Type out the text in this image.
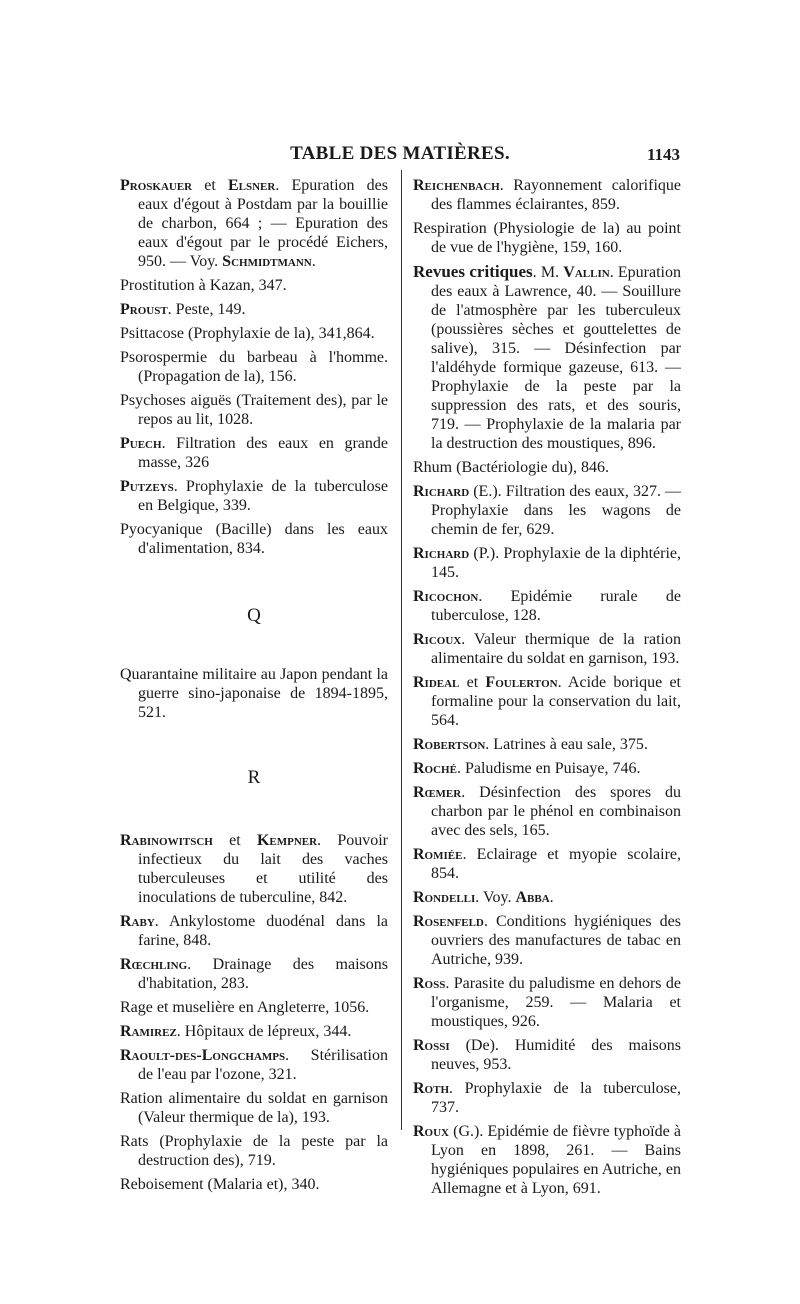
TABLE DES MATIÈRES.	1143

Proskauer et Elsner. Epuration des eaux d'égout à Postdam par la bouillie de charbon, 664 ; — Epuration des eaux d'égout par le procédé Eichers, 950. — Voy. Schmidtmann.

Prostitution à Kazan, 347.

Proust. Peste, 149.

Psittacose (Prophylaxie de la), 341,864.

Psorospermie du barbeau à l'homme. (Propagation de la), 156.

Psychoses aiguës (Traitement des), par le repos au lit, 1028.

Puech. Filtration des eaux en grande masse, 326

Putzeys. Prophylaxie de la tuberculose en Belgique, 339.

Pyocyanique (Bacille) dans les eaux d'alimentation, 834.

Q

Quarantaine militaire au Japon pendant la guerre sino-japonaise de 1894-1895, 521.

R

Rabinowitsch et Kempner. Pouvoir infectieux du lait des vaches tuberculeuses et utilité des inoculations de tuberculine, 842.

Raby. Ankylostome duodénal dans la farine, 848.

Rœchling. Drainage des maisons d'habitation, 283.

Rage et muselière en Angleterre, 1056.

Ramirez. Hôpitaux de lépreux, 344.

Raoult-des-Longchamps. Stérilisation de l'eau par l'ozone, 321.

Ration alimentaire du soldat en garnison (Valeur thermique de la), 193.

Rats (Prophylaxie de la peste par la destruction des), 719.

Reboisement (Malaria et), 340.

Reichenbach. Rayonnement calorifique des flammes éclairantes, 859.

Respiration (Physiologie de la) au point de vue de l'hygiène, 159, 160.

Revues critiques. M. Vallin. Epuration des eaux à Lawrence, 40. — Souillure de l'atmosphère par les tuberculeux (poussières sèches et gouttelettes de salive), 315. — Désinfection par l'aldéhyde formique gazeuse, 613. — Prophylaxie de la peste par la suppression des rats, et des souris, 719. — Prophylaxie de la malaria par la destruction des moustiques, 896.

Rhum (Bactériologie du), 846.

Richard (E.). Filtration des eaux, 327. — Prophylaxie dans les wagons de chemin de fer, 629.

Richard (P.). Prophylaxie de la diphtérie, 145.

Ricochon. Epidémie rurale de tuberculose, 128.

Ricoux. Valeur thermique de la ration alimentaire du soldat en garnison, 193.

Rideal et Foulerton. Acide borique et formaline pour la conservation du lait, 564.

Robertson. Latrines à eau sale, 375.

Roché. Paludisme en Puisaye, 746.

Rœmer. Désinfection des spores du charbon par le phénol en combinaison avec des sels, 165.

Romiée. Eclairage et myopie scolaire, 854.

Rondelli. Voy. Abba.

Rosenfeld. Conditions hygiéniques des ouvriers des manufactures de tabac en Autriche, 939.

Ross. Parasite du paludisme en dehors de l'organisme, 259. — Malaria et moustiques, 926.

Rossi (De). Humidité des maisons neuves, 953.

Roth. Prophylaxie de la tuberculose, 737.

Roux (G.). Epidémie de fièvre typhoïde à Lyon en 1898, 261. — Bains hygiéniques populaires en Autriche, en Allemagne et à Lyon, 691.
